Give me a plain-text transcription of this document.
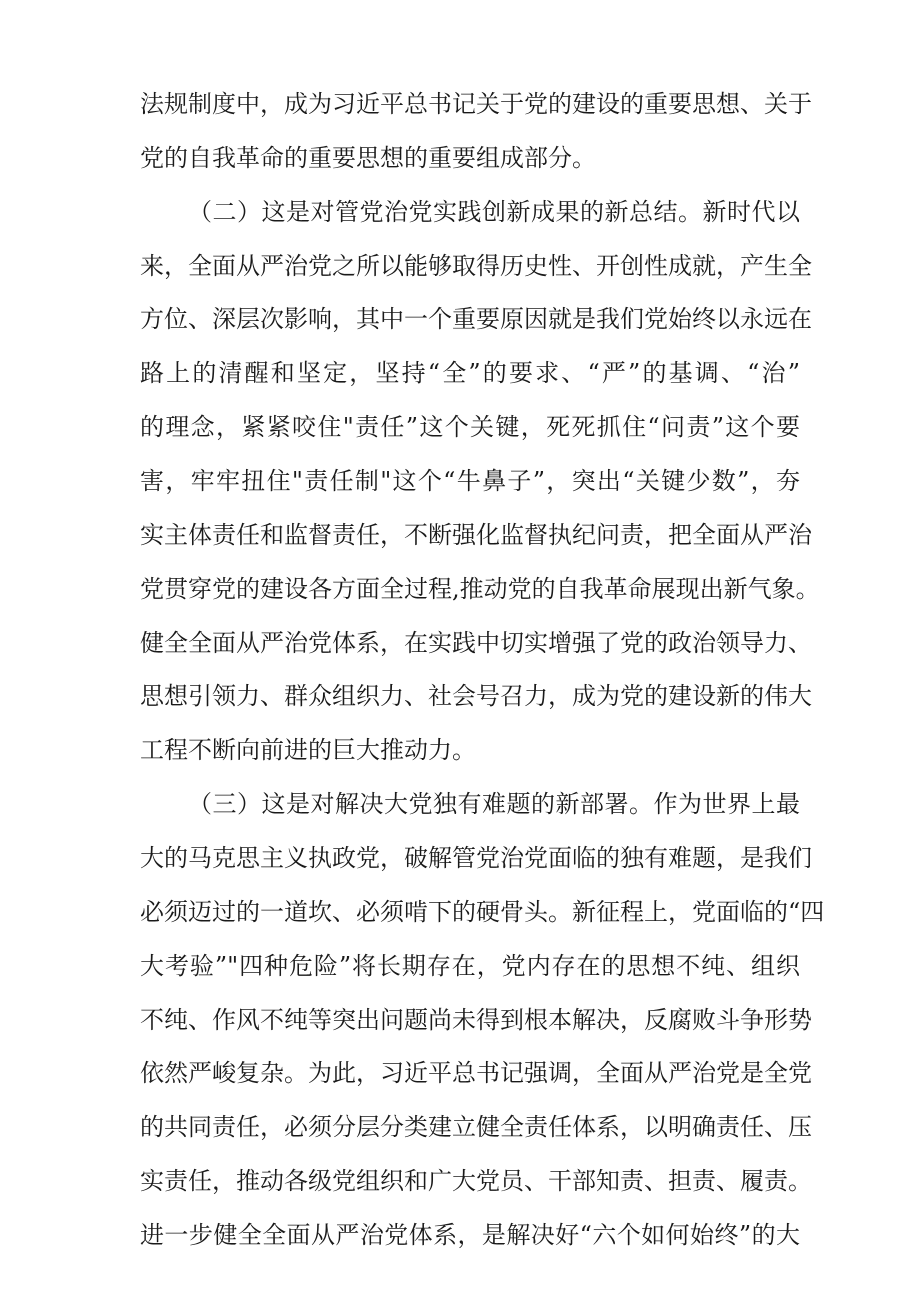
法规制度中，成为习近平总书记关于党的建设的重要思想、关于
党的自我革命的重要思想的重要组成部分。
（二）这是对管党治党实践创新成果的新总结。新时代以
来，全面从严治党之所以能够取得历史性、开创性成就，产生全
方位、深层次影响，其中一个重要原因就是我们党始终以永远在
路上的清醒和坚定，坚持“全”的要求、“严”的基调、“治”
的理念，紧紧咬住"责任”这个关键，死死抓住“问责”这个要
害，牢牢扭住"责任制"这个“牛鼻子”，突出“关键少数”，夯
实主体责任和监督责任，不断强化监督执纪问责，把全面从严治
党贯穿党的建设各方面全过程,推动党的自我革命展现出新气象。
健全全面从严治党体系，在实践中切实增强了党的政治领导力、
思想引领力、群众组织力、社会号召力，成为党的建设新的伟大
工程不断向前进的巨大推动力。
（三）这是对解决大党独有难题的新部署。作为世界上最
大的马克思主义执政党，破解管党治党面临的独有难题，是我们
必须迈过的一道坎、必须啃下的硬骨头。新征程上，党面临的“四
大考验”"四种危险”将长期存在，党内存在的思想不纯、组织
不纯、作风不纯等突出问题尚未得到根本解决，反腐败斗争形势
依然严峻复杂。为此，习近平总书记强调，全面从严治党是全党
的共同责任，必须分层分类建立健全责任体系，以明确责任、压
实责任，推动各级党组织和广大党员、干部知责、担责、履责。
进一步健全全面从严治党体系，是解决好“六个如何始终”的大
